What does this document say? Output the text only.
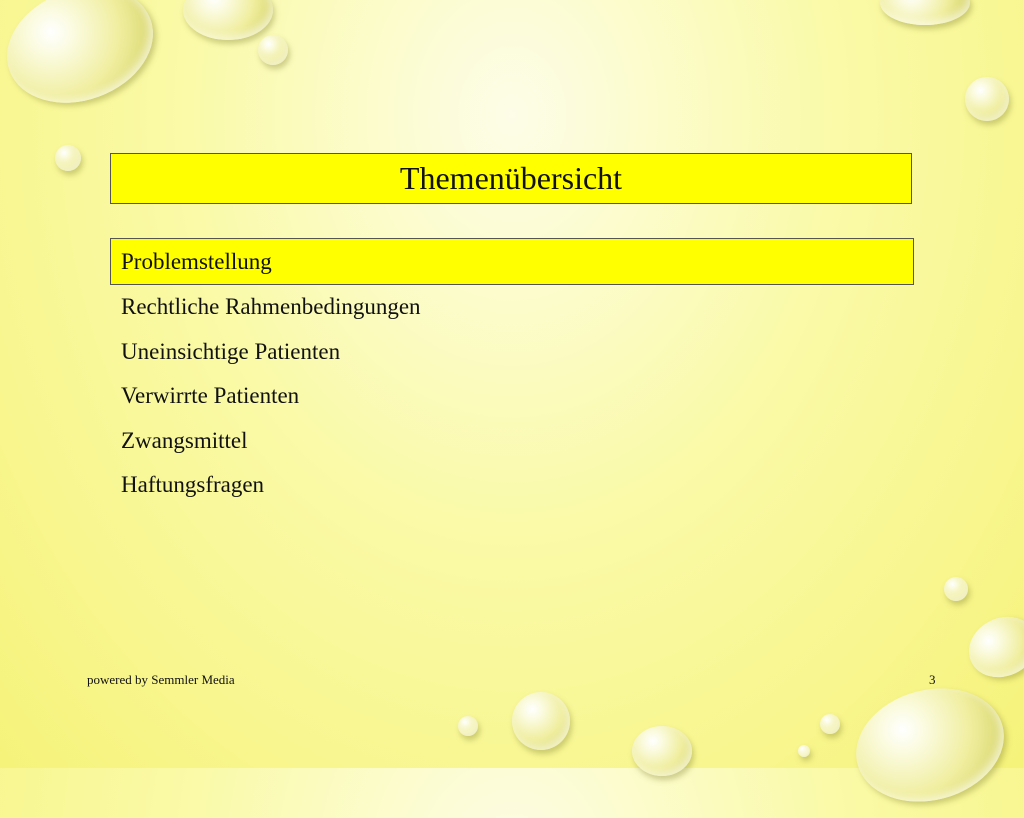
Themenübersicht
Problemstellung
Rechtliche Rahmenbedingungen
Uneinsichtige Patienten
Verwirrte Patienten
Zwangsmittel
Haftungsfragen
powered by Semmler Media	3
